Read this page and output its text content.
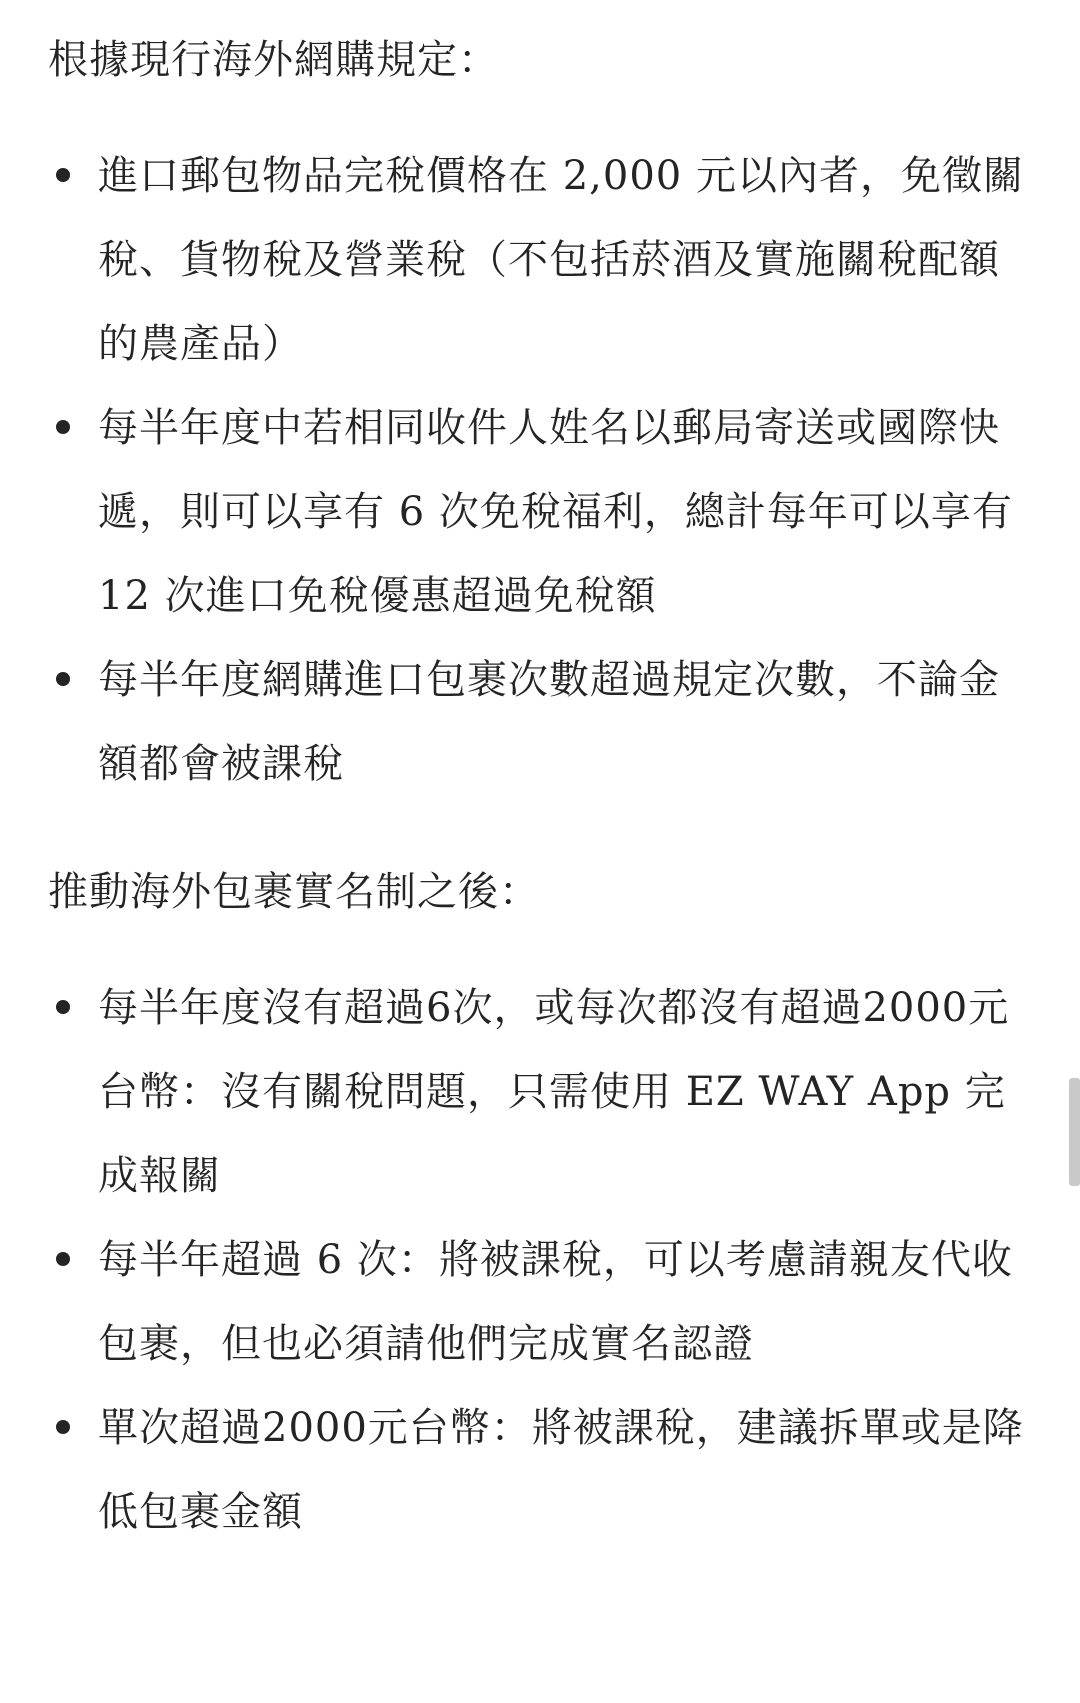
根據現行海外網購規定：

進口郵包物品完稅價格在 2,000 元以內者，免徵關稅、貨物稅及營業稅（不包括菸酒及實施關稅配額的農產品）
每半年度中若相同收件人姓名以郵局寄送或國際快遞，則可以享有 6 次免稅福利，總計每年可以享有 12 次進口免稅優惠超過免稅額
每半年度網購進口包裹次數超過規定次數，不論金額都會被課稅

推動海外包裹實名制之後：

每半年度沒有超過6次，或每次都沒有超過2000元 台幣：沒有關稅問題，只需使用 EZ WAY App 完成報關
每半年超過 6 次：將被課稅，可以考慮請親友代收包裹，但也必須請他們完成實名認證
單次超過2000元台幣：將被課稅，建議拆單或是降低包裹金額
